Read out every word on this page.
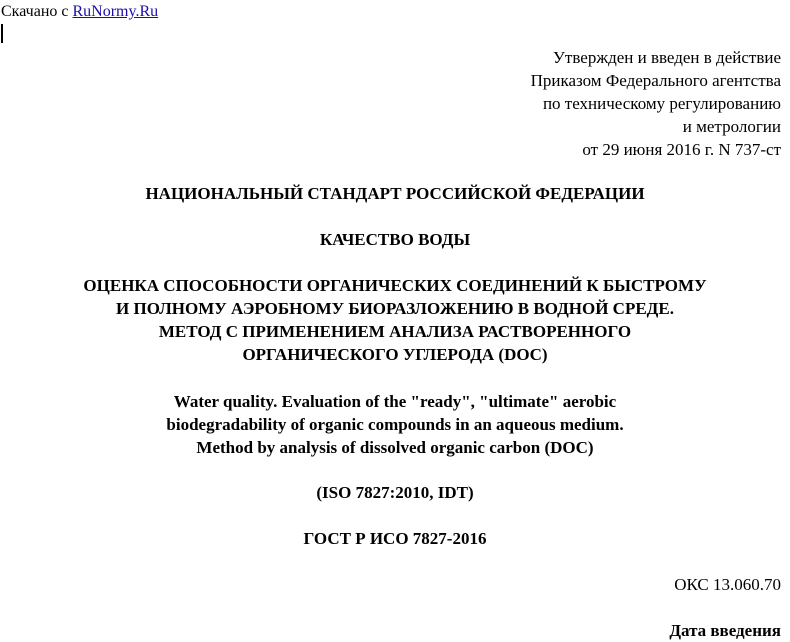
Скачано с RuNormy.Ru
Утвержден и введен в действие
Приказом Федерального агентства
по техническому регулированию
и метрологии
от 29 июня 2016 г. N 737-ст
НАЦИОНАЛЬНЫЙ СТАНДАРТ РОССИЙСКОЙ ФЕДЕРАЦИИ
КАЧЕСТВО ВОДЫ
ОЦЕНКА СПОСОБНОСТИ ОРГАНИЧЕСКИХ СОЕДИНЕНИЙ К БЫСТРОМУ
И ПОЛНОМУ АЭРОБНОМУ БИОРАЗЛОЖЕНИЮ В ВОДНОЙ СРЕДЕ.
МЕТОД С ПРИМЕНЕНИЕМ АНАЛИЗА РАСТВОРЕННОГО
ОРГАНИЧЕСКОГО УГЛЕРОДА (DOC)
Water quality. Evaluation of the "ready", "ultimate" aerobic
biodegradability of organic compounds in an aqueous medium.
Method by analysis of dissolved organic carbon (DOC)
(ISO 7827:2010, IDT)
ГОСТ Р ИСО 7827-2016
ОКС 13.060.70
Дата введения
